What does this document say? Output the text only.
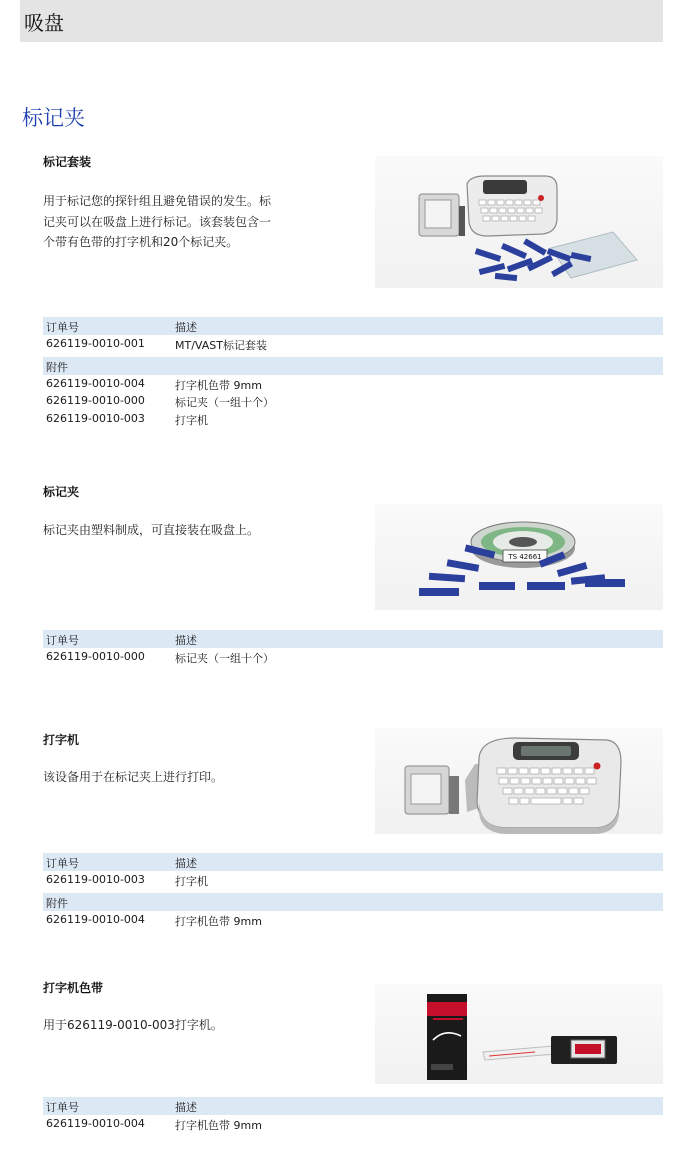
吸盘
标记夹
标记套装
用于标记您的探针组且避免错误的发生。标记夹可以在吸盘上进行标记。该套装包含一个带有色带的打字机和20个标记夹。
订单号	描述
626119-0010-001	MT/VAST标记套装
附件
626119-0010-004	打字机色带 9mm
626119-0010-000	标记夹（一组十个）
626119-0010-003	打字机
标记夹
标记夹由塑料制成，可直接装在吸盘上。
TS 42661
订单号	描述
626119-0010-000	标记夹（一组十个）
打字机
该设备用于在标记夹上进行打印。
订单号	描述
626119-0010-003	打字机
附件
626119-0010-004	打字机色带 9mm
打字机色带
用于626119-0010-003打字机。
订单号	描述
626119-0010-004	打字机色带 9mm
